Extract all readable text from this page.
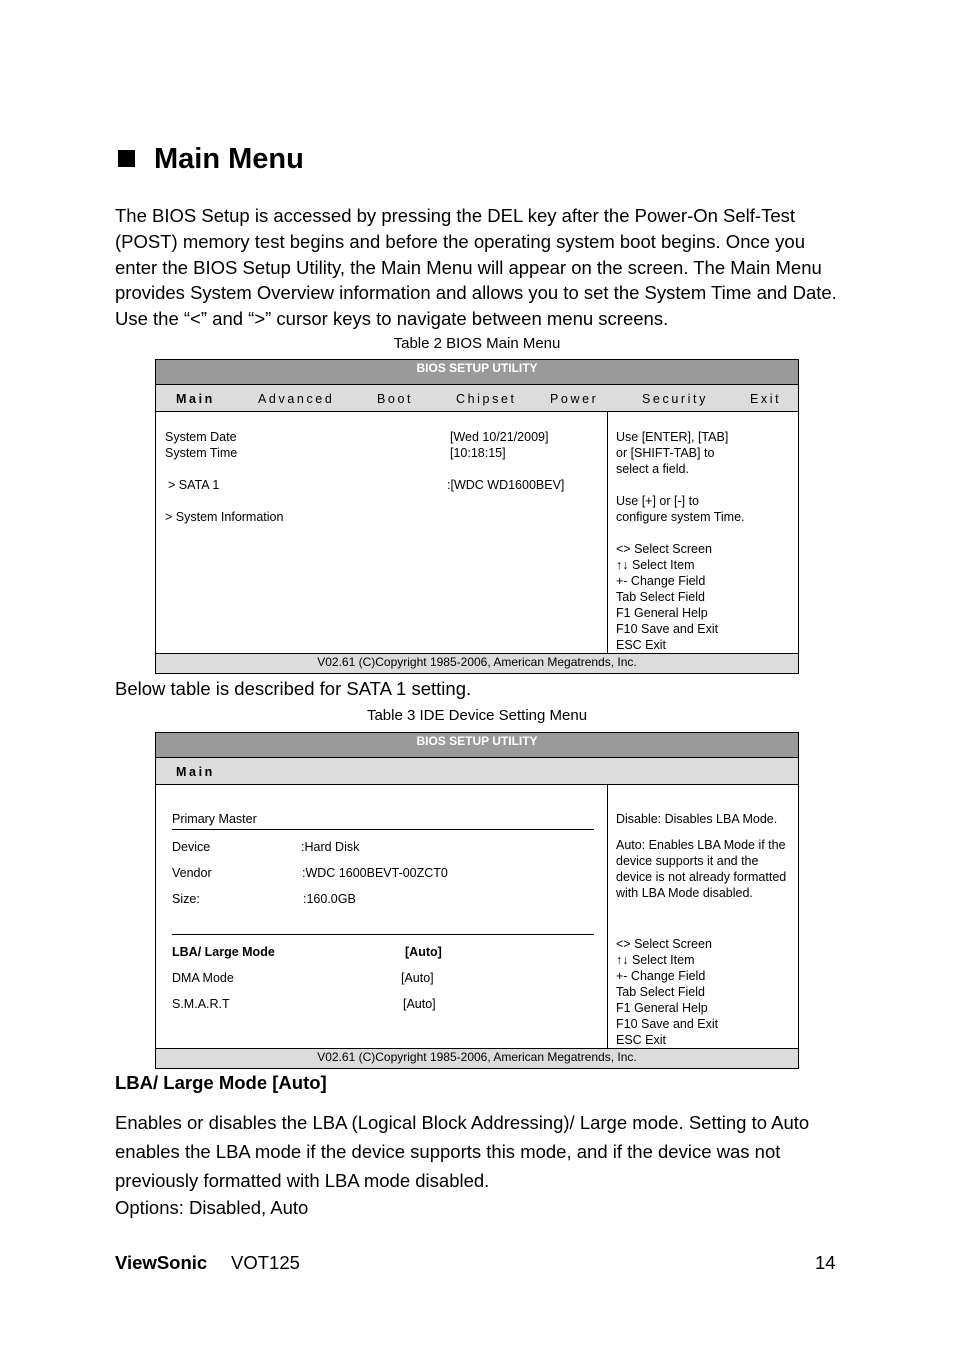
Main Menu
The BIOS Setup is accessed by pressing the DEL key after the Power-On Self-Test (POST) memory test begins and before the operating system boot begins. Once you enter the BIOS Setup Utility, the Main Menu will appear on the screen. The Main Menu provides System Overview information and allows you to set the System Time and Date. Use the “<” and “>” cursor keys to navigate between menu screens.
Table 2 BIOS Main Menu
BIOS SETUP UTILITY
Main	Advanced	Boot	Chipset	Power	Security	Exit
System Date	[Wed 10/21/2009]
System Time	[10:18:15]
> SATA 1	:[WDC WD1600BEV]
> System Information
Use [ENTER], [TAB]
or [SHIFT-TAB] to
select a field.
Use [+] or [-] to
configure system Time.
<> Select Screen
↑↓ Select Item
+- Change Field
Tab Select Field
F1 General Help
F10 Save and Exit
ESC Exit
V02.61 (C)Copyright 1985-2006, American Megatrends, Inc.
Below table is described for SATA 1 setting.
Table 3 IDE Device Setting Menu
BIOS SETUP UTILITY
Main
Primary Master
Device	:Hard Disk
Vendor	:WDC 1600BEVT-00ZCT0
Size:	:160.0GB
LBA/ Large Mode	[Auto]
DMA Mode	[Auto]
S.M.A.R.T	[Auto]
Disable: Disables LBA Mode.
Auto: Enables LBA Mode if the
device supports it and the
device is not already formatted
with LBA Mode disabled.
<> Select Screen
↑↓ Select Item
+- Change Field
Tab Select Field
F1 General Help
F10 Save and Exit
ESC Exit
V02.61 (C)Copyright 1985-2006, American Megatrends, Inc.
LBA/ Large Mode [Auto]
Enables or disables the LBA (Logical Block Addressing)/ Large mode. Setting to Auto enables the LBA mode if the device supports this mode, and if the device was not previously formatted with LBA mode disabled.
Options: Disabled, Auto
ViewSonic VOT125	14
